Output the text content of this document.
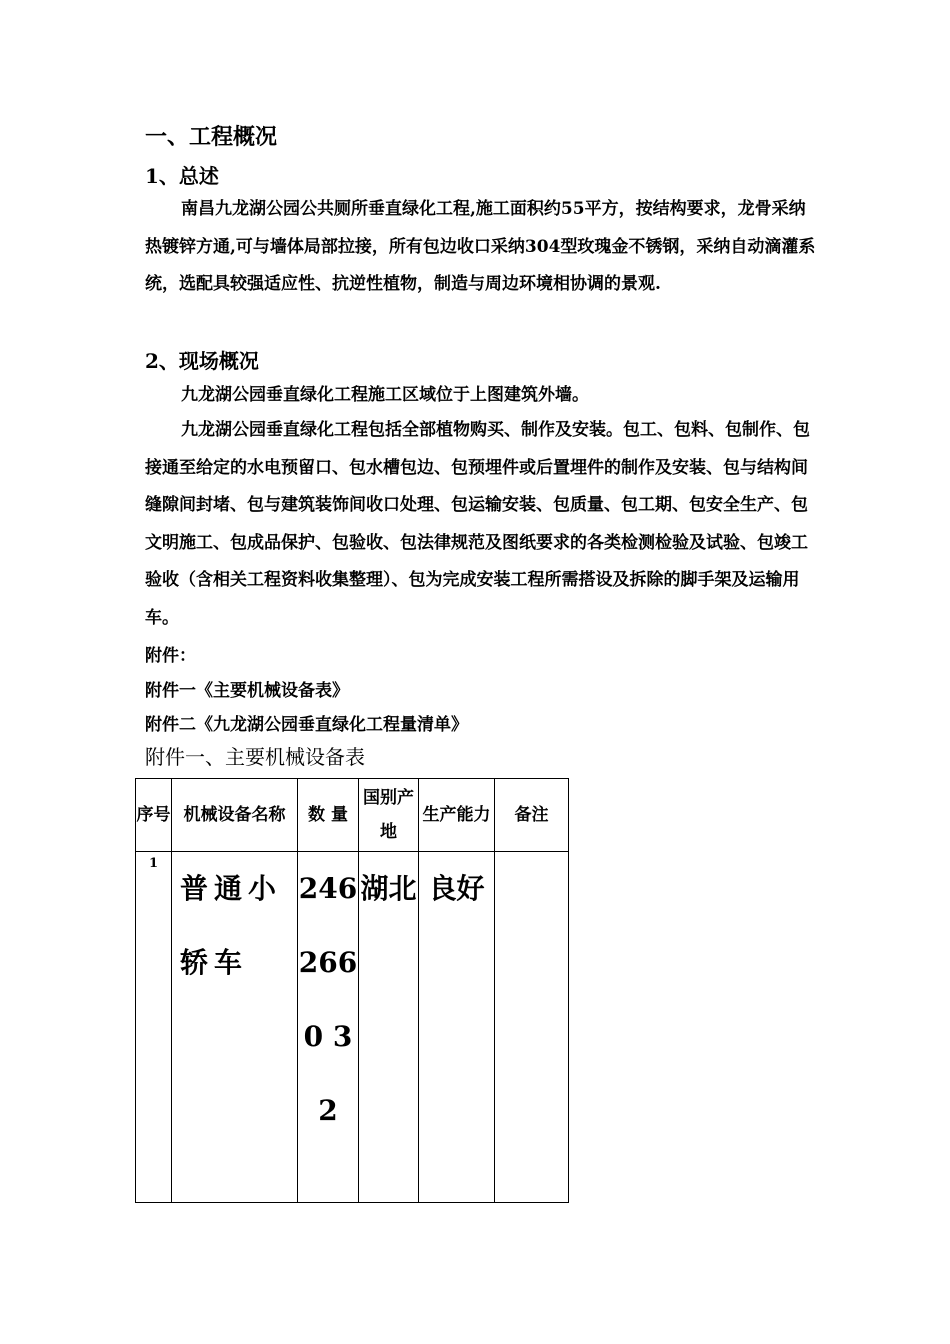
一、工程概况
1、总述
南昌九龙湖公园公共厕所垂直绿化工程,施工面积约55平方，按结构要求，龙骨采纳热镀锌方通,可与墙体局部拉接，所有包边收口采纳304型玫瑰金不锈钢，采纳自动滴灌系统，选配具较强适应性、抗逆性植物，制造与周边环境相协调的景观.
2、现场概况
九龙湖公园垂直绿化工程施工区域位于上图建筑外墙。
九龙湖公园垂直绿化工程包括全部植物购买、制作及安装。包工、包料、包制作、包接通至给定的水电预留口、包水槽包边、包预埋件或后置埋件的制作及安装、包与结构间缝隙间封堵、包与建筑装饰间收口处理、包运输安装、包质量、包工期、包安全生产、包文明施工、包成品保护、包验收、包法律规范及图纸要求的各类检测检验及试验、包竣工验收（含相关工程资料收集整理）、包为完成安装工程所需搭设及拆除的脚手架及运输用车。
附件：
附件一《主要机械设备表》
附件二《九龙湖公园垂直绿化工程量清单》
附件一、主要机械设备表
序号	机械设备名称	数 量	国别产地	生产能力	备注
1	普通小轿车	2462660 32	湖北	良好	
